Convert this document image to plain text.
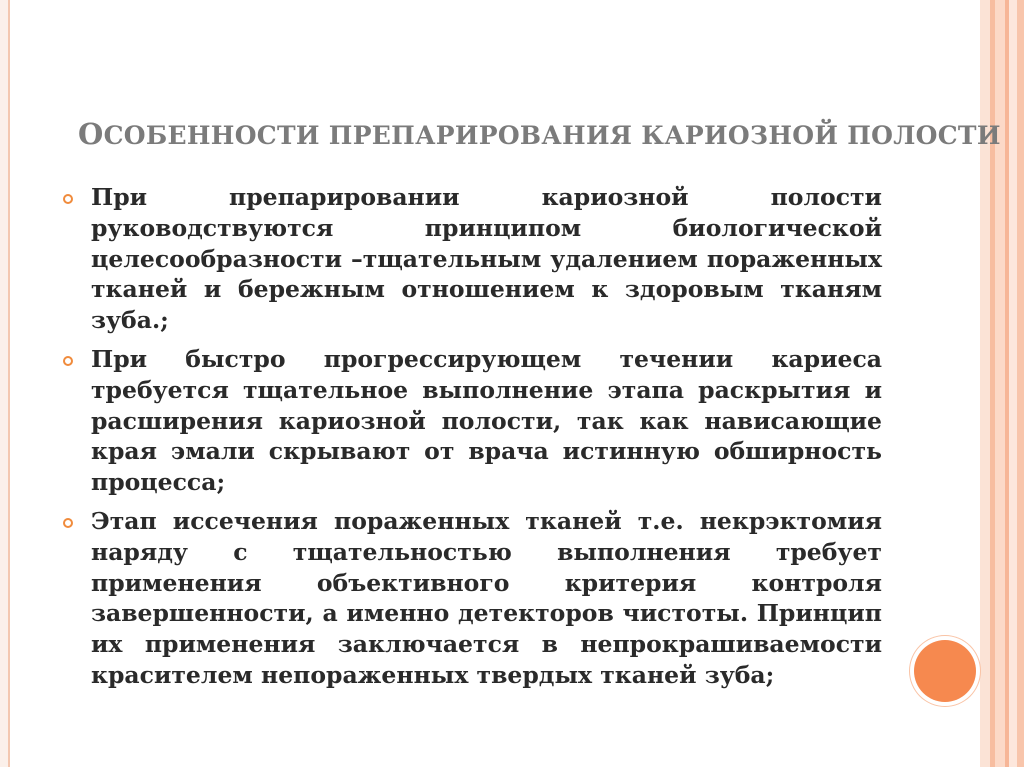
ОСОБЕННОСТИ ПРЕПАРИРОВАНИЯ КАРИОЗНОЙ ПОЛОСТИ
При препарировании кариозной полости руководствуются принципом биологической целесообразности –тщательным удалением пораженных тканей и бережным отношением к здоровым тканям зуба.;
При быстро прогрессирующем течении кариеса требуется тщательное выполнение этапа раскрытия и расширения кариозной полости, так как нависающие края эмали скрывают от врача истинную обширность процесса;
Этап иссечения пораженных тканей т.е. некрэктомия наряду с тщательностью выполнения требует применения объективного критерия контроля завершенности, а именно детекторов чистоты. Принцип их применения заключается в непрокрашиваемости красителем непораженных твердых тканей зуба;
